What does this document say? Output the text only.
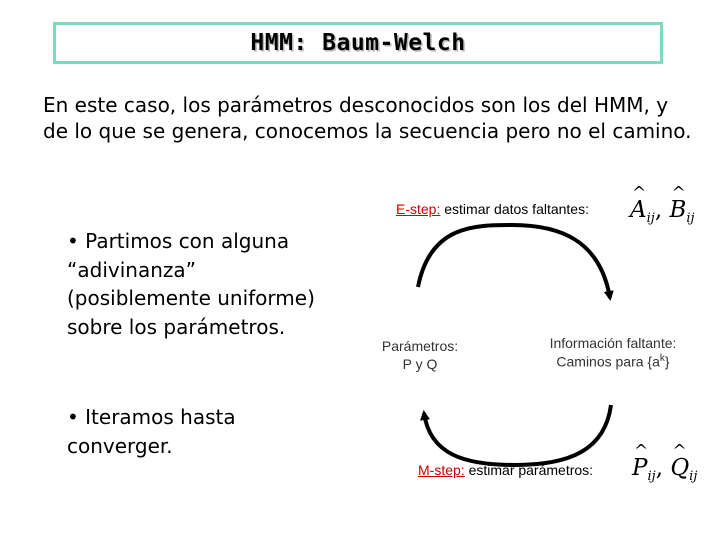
HMM: Baum-Welch
En este caso, los parámetros desconocidos son los del HMM, y de lo que se genera, conocemos la secuencia pero no el camino.
• Partimos con alguna “adivinanza” (posiblemente uniforme) sobre los parámetros.
• Iteramos hasta converger.
Parámetros:
P y Q
Información faltante:
Caminos para $\{a^k\}$
E-step: estimar datos faltantes: ^ $A_{ij}$, ^ $B_{ij}$
M-step: estimar parámetros: ^ $P_{ij}$, ^ $Q_{ij}$
